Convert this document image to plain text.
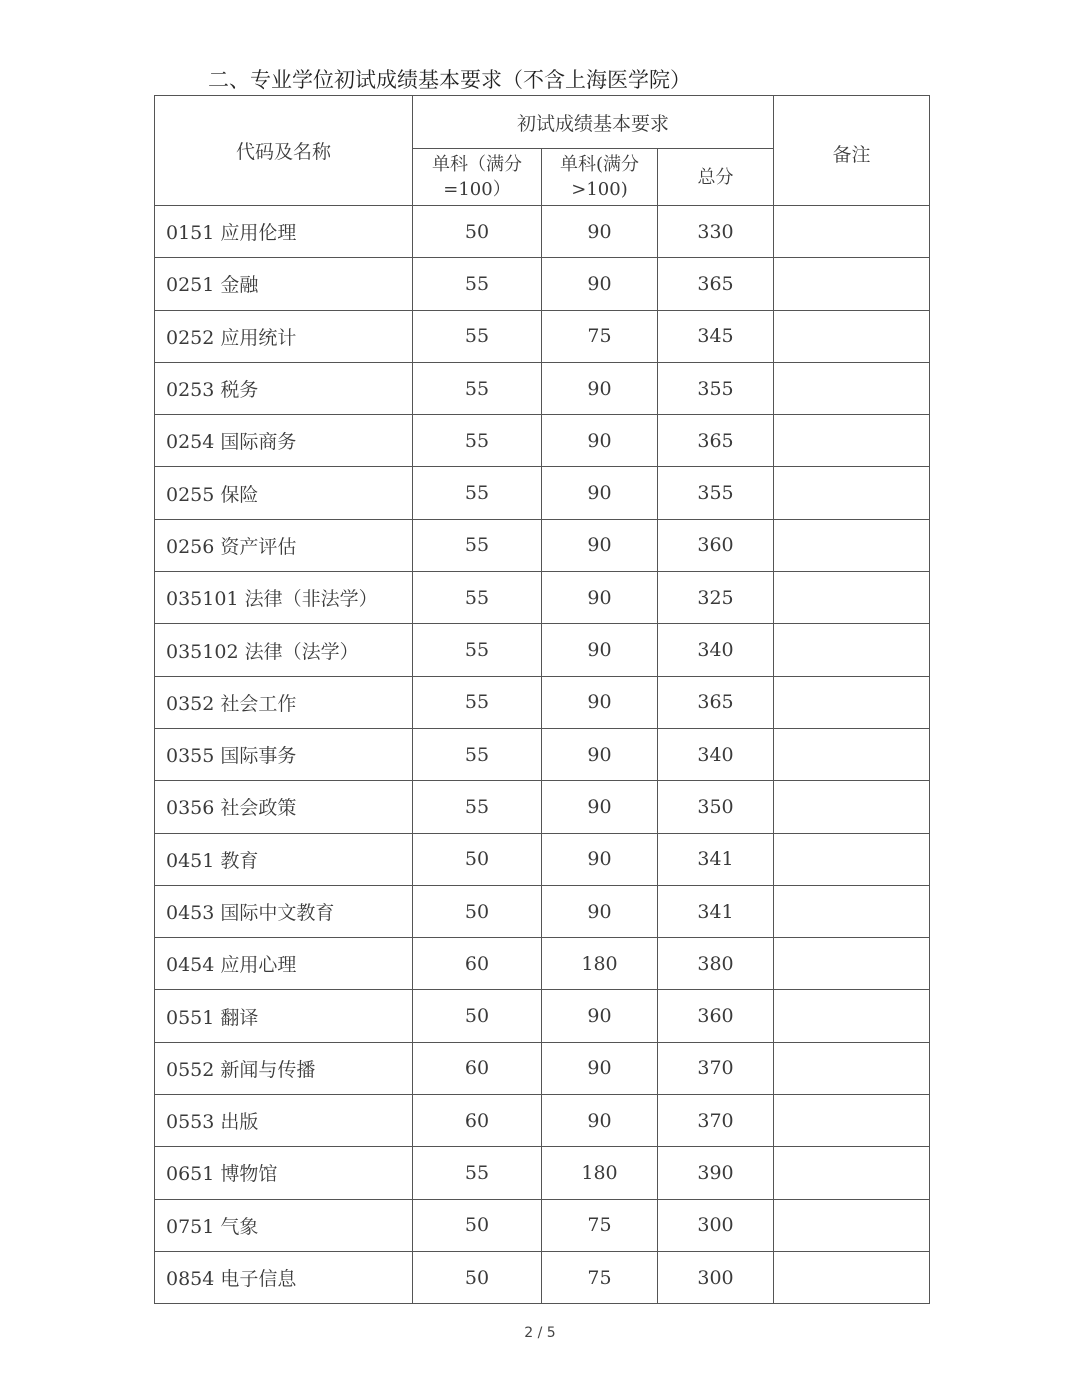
二、专业学位初试成绩基本要求（不含上海医学院）
代码及名称	初试成绩基本要求			备注
	单科（满分=100）	单科(满分>100)	总分	
0151 应用伦理	50	90	330	
0251 金融	55	90	365	
0252 应用统计	55	75	345	
0253 税务	55	90	355	
0254 国际商务	55	90	365	
0255 保险	55	90	355	
0256 资产评估	55	90	360	
035101 法律（非法学）	55	90	325	
035102 法律（法学）	55	90	340	
0352 社会工作	55	90	365	
0355 国际事务	55	90	340	
0356 社会政策	55	90	350	
0451 教育	50	90	341	
0453 国际中文教育	50	90	341	
0454 应用心理	60	180	380	
0551 翻译	50	90	360	
0552 新闻与传播	60	90	370	
0553 出版	60	90	370	
0651 博物馆	55	180	390	
0751 气象	50	75	300	
0854 电子信息	50	75	300	
2 / 5
